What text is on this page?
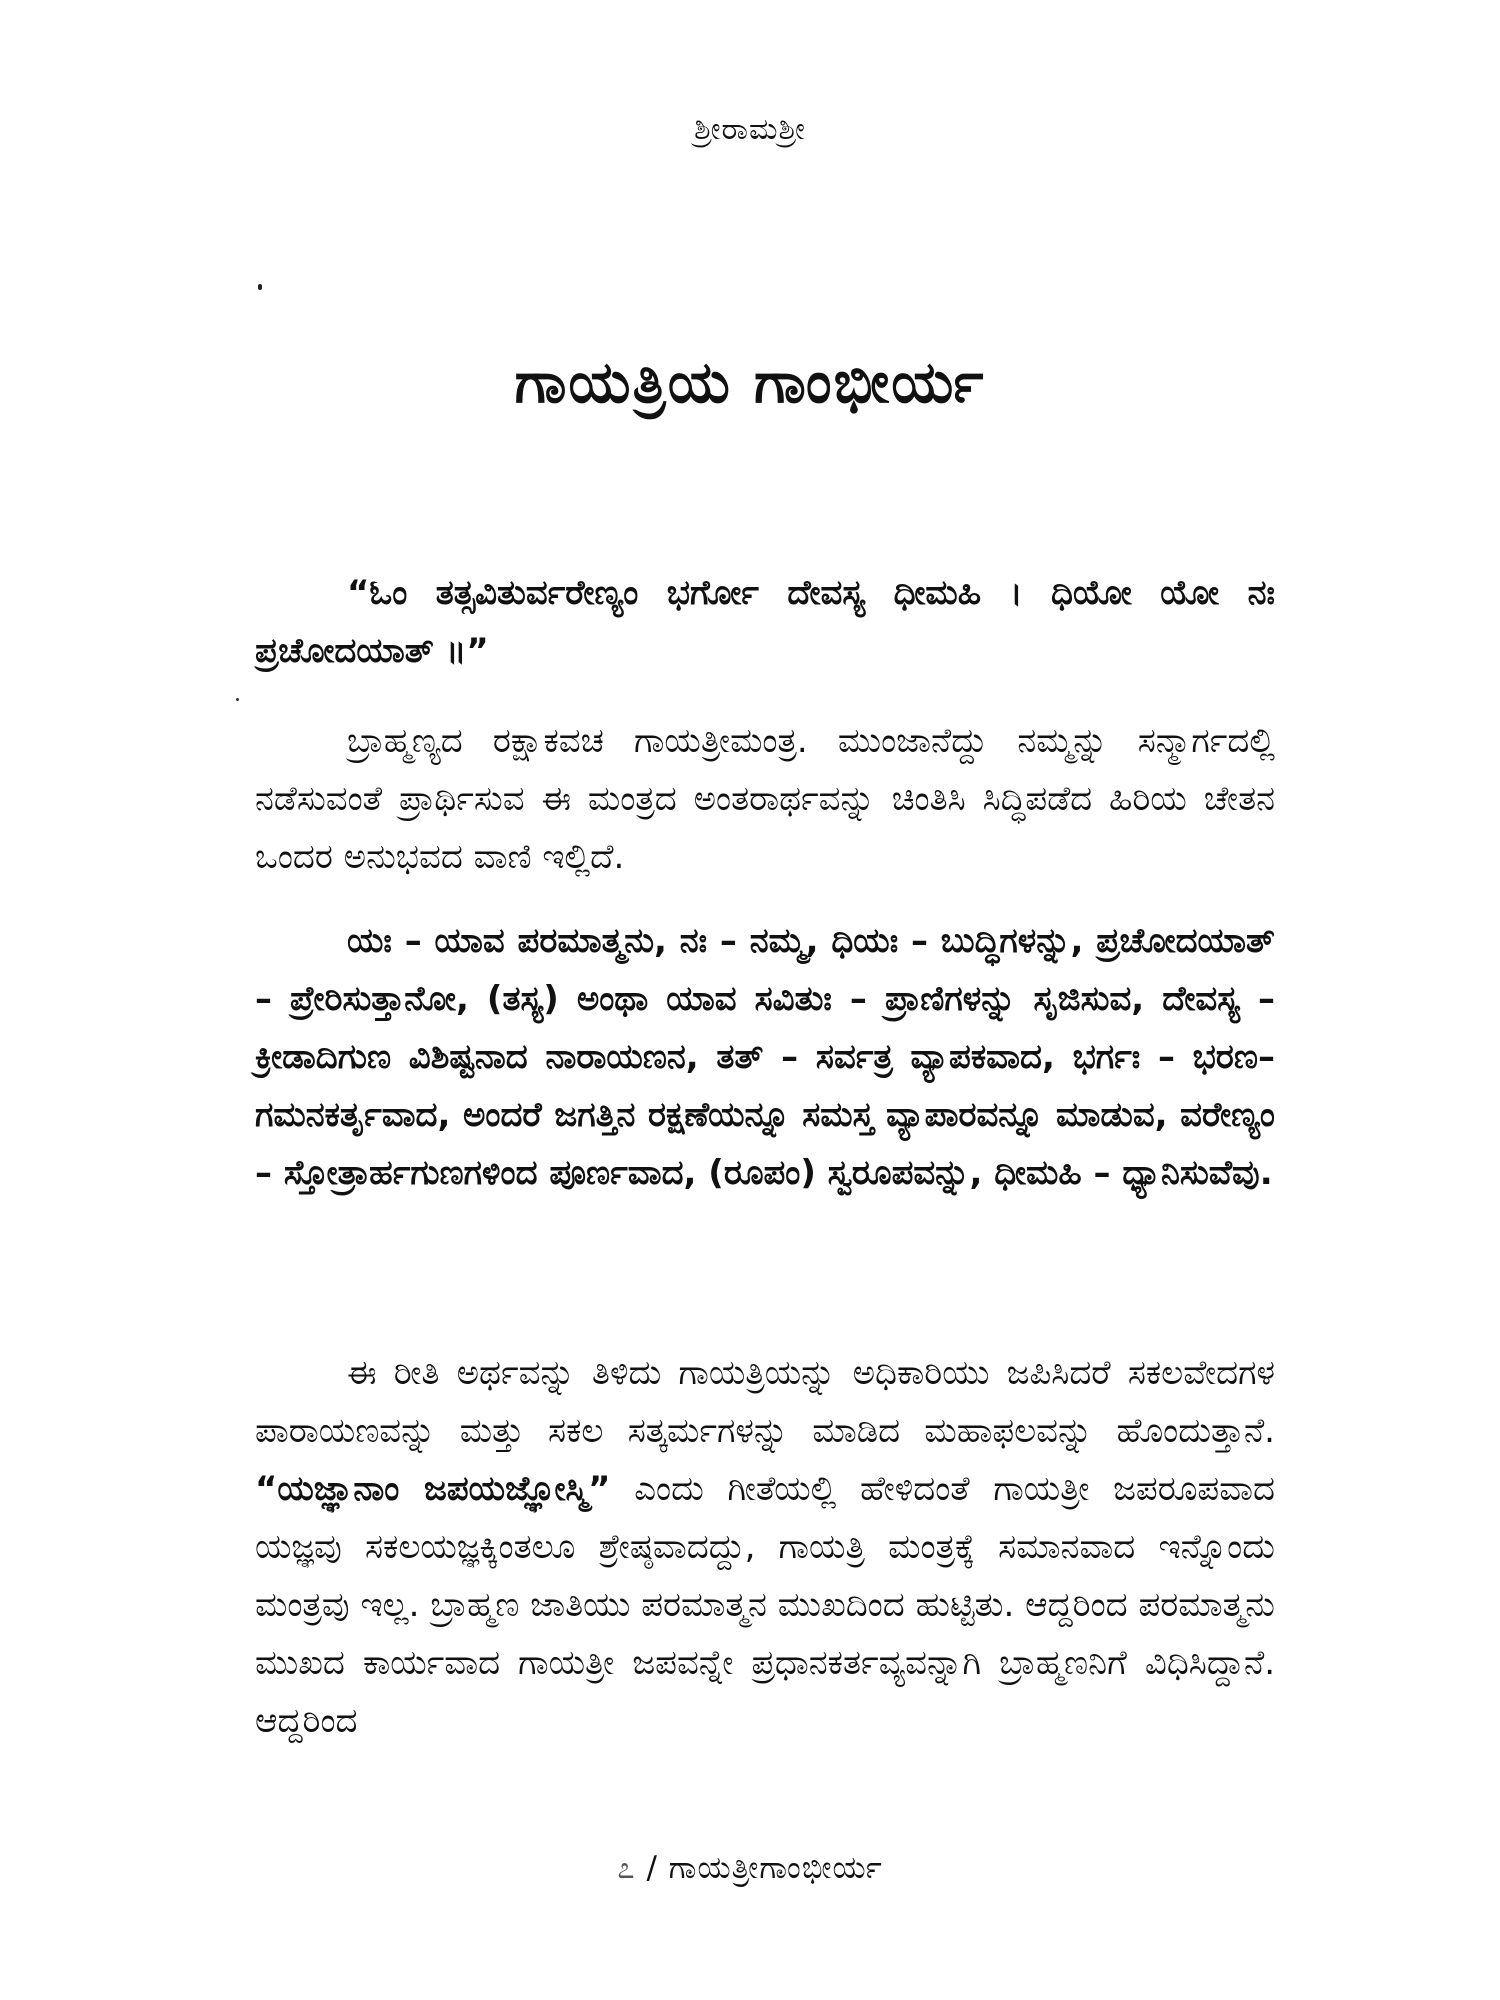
ಶ್ರೀರಾಮಶ್ರೀ
ಗಾಯತ್ರಿಯ ಗಾಂಭೀರ್ಯ

“ಓಂ ತತ್ಸವಿತುರ್ವರೇಣ್ಯಂ ಭರ್ಗೋ ದೇವಸ್ಯ ಧೀಮಹಿ । ಧಿಯೋ ಯೋ ನಃ ಪ್ರಚೋದಯಾತ್ ॥”

ಬ್ರಾಹ್ಮಣ್ಯದ ರಕ್ಷಾಕವಚ ಗಾಯತ್ರೀಮಂತ್ರ. ಮುಂಜಾನೆದ್ದು ನಮ್ಮನ್ನು ಸನ್ಮಾರ್ಗದಲ್ಲಿ ನಡೆಸುವಂತೆ ಪ್ರಾರ್ಥಿಸುವ ಈ ಮಂತ್ರದ ಅಂತರಾರ್ಥವನ್ನು ಚಿಂತಿಸಿ ಸಿದ್ಧಿಪಡೆದ ಹಿರಿಯ ಚೇತನ ಒಂದರ ಅನುಭವದ ವಾಣಿ ಇಲ್ಲಿದೆ.

ಯಃ – ಯಾವ ಪರಮಾತ್ಮನು, ನಃ – ನಮ್ಮ, ಧಿಯಃ – ಬುದ್ಧಿಗಳನ್ನು, ಪ್ರಚೋದಯಾತ್ – ಪ್ರೇರಿಸುತ್ತಾನೋ, (ತಸ್ಯ) ಅಂಥಾ ಯಾವ ಸವಿತುಃ – ಪ್ರಾಣಿಗಳನ್ನು ಸೃಜಿಸುವ, ದೇವಸ್ಯ – ಕ್ರೀಡಾದಿಗುಣ ವಿಶಿಷ್ಟನಾದ ನಾರಾಯಣನ, ತತ್ – ಸರ್ವತ್ರ ವ್ಯಾಪಕವಾದ, ಭರ್ಗಃ – ಭರಣ–ಗಮನಕರ್ತೃವಾದ, ಅಂದರೆ ಜಗತ್ತಿನ ರಕ್ಷಣೆಯನ್ನೂ ಸಮಸ್ತ ವ್ಯಾಪಾರವನ್ನೂ ಮಾಡುವ, ವರೇಣ್ಯಂ – ಸ್ತೋತ್ರಾರ್ಹಗುಣಗಳಿಂದ ಪೂರ್ಣವಾದ, (ರೂಪಂ) ಸ್ವರೂಪವನ್ನು, ಧೀಮಹಿ – ಧ್ಯಾನಿಸುವೆವು.

ಈ ರೀತಿ ಅರ್ಥವನ್ನು ತಿಳಿದು ಗಾಯತ್ರಿಯನ್ನು ಅಧಿಕಾರಿಯು ಜಪಿಸಿದರೆ ಸಕಲವೇದಗಳ ಪಾರಾಯಣವನ್ನು ಮತ್ತು ಸಕಲ ಸತ್ಕರ್ಮಗಳನ್ನು ಮಾಡಿದ ಮಹಾಫಲವನ್ನು ಹೊಂದುತ್ತಾನೆ. “ಯಜ್ಞಾನಾಂ ಜಪಯಜ್ಞೋಸ್ಮಿ” ಎಂದು ಗೀತೆಯಲ್ಲಿ ಹೇಳಿದಂತೆ ಗಾಯತ್ರೀ ಜಪರೂಪವಾದ ಯಜ್ಞವು ಸಕಲಯಜ್ಞಕ್ಕಿಂತಲೂ ಶ್ರೇಷ್ಠವಾದದ್ದು, ಗಾಯತ್ರಿ ಮಂತ್ರಕ್ಕೆ ಸಮಾನವಾದ ಇನ್ನೊಂದು ಮಂತ್ರವು ಇಲ್ಲ. ಬ್ರಾಹ್ಮಣ ಜಾತಿಯು ಪರಮಾತ್ಮನ ಮುಖದಿಂದ ಹುಟ್ಟಿತು. ಆದ್ದರಿಂದ ಪರಮಾತ್ಮನು ಮುಖದ ಕಾರ್ಯವಾದ ಗಾಯತ್ರೀ ಜಪವನ್ನೇ ಪ್ರಧಾನಕರ್ತವ್ಯವನ್ನಾಗಿ ಬ್ರಾಹ್ಮಣನಿಗೆ ವಿಧಿಸಿದ್ದಾನೆ. ಆದ್ದರಿಂದ

೭ / ಗಾಯತ್ರೀಗಾಂಭೀರ್ಯ
